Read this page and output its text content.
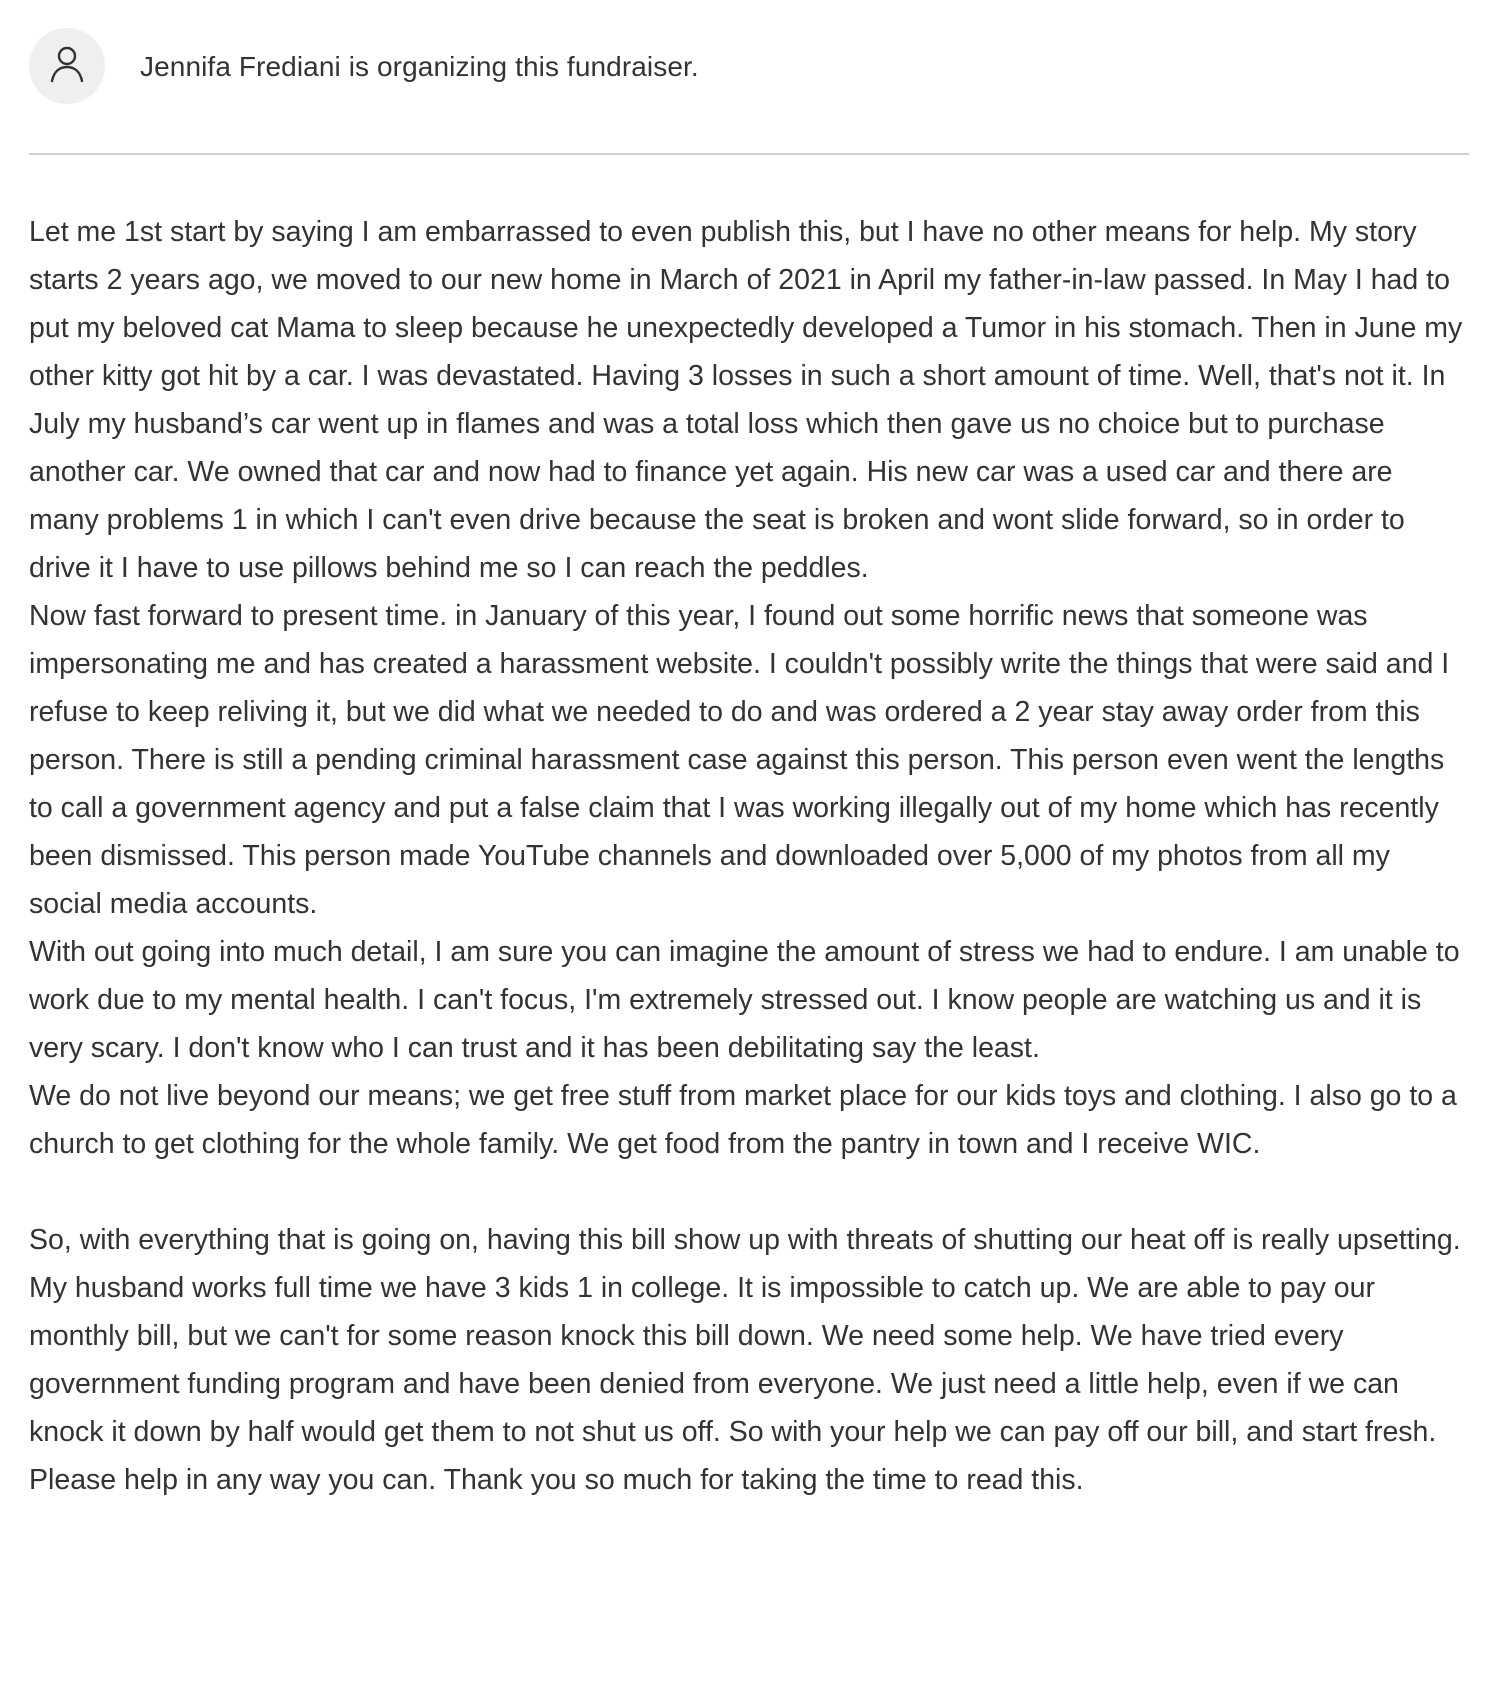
Jennifa Frediani is organizing this fundraiser.

Let me 1st start by saying I am embarrassed to even publish this, but I have no other means for help. My story starts 2 years ago, we moved to our new home in March of 2021 in April my father-in-law passed. In May I had to put my beloved cat Mama to sleep because he unexpectedly developed a Tumor in his stomach. Then in June my other kitty got hit by a car. I was devastated. Having 3 losses in such a short amount of time. Well, that's not it. In July my husband’s car went up in flames and was a total loss which then gave us no choice but to purchase another car. We owned that car and now had to finance yet again. His new car was a used car and there are many problems 1 in which I can't even drive because the seat is broken and wont slide forward, so in order to drive it I have to use pillows behind me so I can reach the peddles.

Now fast forward to present time. in January of this year, I found out some horrific news that someone was impersonating me and has created a harassment website. I couldn't possibly write the things that were said and I refuse to keep reliving it, but we did what we needed to do and was ordered a 2 year stay away order from this person. There is still a pending criminal harassment case against this person. This person even went the lengths to call a government agency and put a false claim that I was working illegally out of my home which has recently been dismissed. This person made YouTube channels and downloaded over 5,000 of my photos from all my social media accounts.

With out going into much detail, I am sure you can imagine the amount of stress we had to endure. I am unable to work due to my mental health. I can't focus, I'm extremely stressed out. I know people are watching us and it is very scary. I don't know who I can trust and it has been debilitating say the least.

We do not live beyond our means; we get free stuff from market place for our kids toys and clothing. I also go to a church to get clothing for the whole family. We get food from the pantry in town and I receive WIC.

So, with everything that is going on, having this bill show up with threats of shutting our heat off is really upsetting. My husband works full time we have 3 kids 1 in college. It is impossible to catch up. We are able to pay our monthly bill, but we can't for some reason knock this bill down. We need some help. We have tried every government funding program and have been denied from everyone. We just need a little help, even if we can knock it down by half would get them to not shut us off. So with your help we can pay off our bill, and start fresh.

Please help in any way you can. Thank you so much for taking the time to read this.
